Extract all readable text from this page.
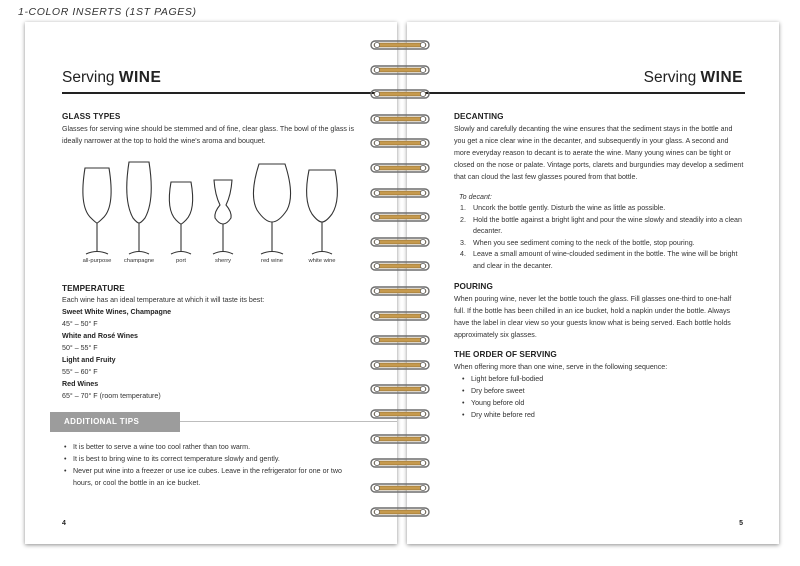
1-COLOR INSERTS (1ST PAGES)
Serving WINE
GLASS TYPES
Glasses for serving wine should be stemmed and of fine, clear glass. The bowl of the glass is ideally narrower at the top to hold the wine's aroma and bouquet.
all-purpose	champagne	port	sherry	red wine	white wine
TEMPERATURE
Each wine has an ideal temperature at which it will taste its best:
Sweet White Wines, Champagne
45° – 50° F
White and Rosé Wines
50° – 55° F
Light and Fruity
55° – 60° F
Red Wines
65° – 70° F (room temperature)
ADDITIONAL TIPS
• It is better to serve a wine too cool rather than too warm.
• It is best to bring wine to its correct temperature slowly and gently.
• Never put wine into a freezer or use ice cubes. Leave in the refrigerator for one or two hours, or cool the bottle in an ice bucket.
4
Serving WINE
DECANTING
Slowly and carefully decanting the wine ensures that the sediment stays in the bottle and you get a nice clear wine in the decanter, and subsequently in your glass. A second and more everyday reason to decant is to aerate the wine. Many young wines can be tight or closed on the nose or palate. Vintage ports, clarets and burgundies may develop a sediment that can cloud the last few glasses poured from that bottle.
To decant:
1. Uncork the bottle gently. Disturb the wine as little as possible.
2. Hold the bottle against a bright light and pour the wine slowly and steadily into a clean decanter.
3. When you see sediment coming to the neck of the bottle, stop pouring.
4. Leave a small amount of wine-clouded sediment in the bottle. The wine will be bright and clear in the decanter.
POURING
When pouring wine, never let the bottle touch the glass. Fill glasses one-third to one-half full. If the bottle has been chilled in an ice bucket, hold a napkin under the bottle. Always have the label in clear view so your guests know what is being served. Each bottle holds approximately six glasses.
THE ORDER OF SERVING
When offering more than one wine, serve in the following sequence:
• Light before full-bodied
• Dry before sweet
• Young before old
• Dry white before red
5
